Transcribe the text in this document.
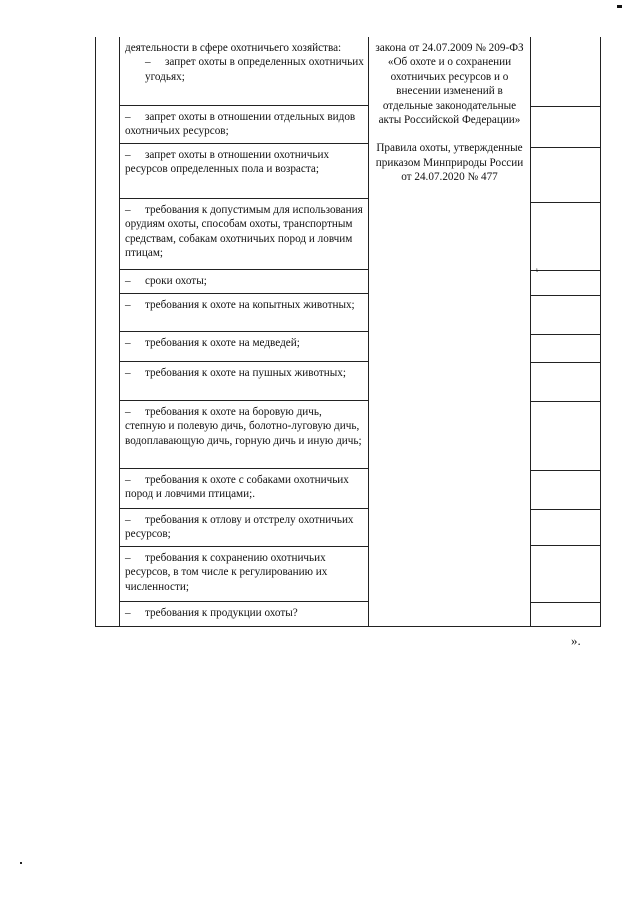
деятельности в сфере охотничьего хозяйства:

– запрет охоты в определенных охотничьих угодьях;

– запрет охоты в отношении отдельных видов охотничьих ресурсов;

– запрет охоты в отношении охотничьих ресурсов определенных пола и возраста;

– требования к допустимым для использования орудиям охоты, способам охоты, транспортным средствам, собакам охотничьих пород и ловчим птицам;

– сроки охоты;

– требования к охоте на копытных животных;

– требования к охоте на медведей;

– требования к охоте на пушных животных;

– требования к охоте на боровую дичь, степную и полевую дичь, болотно-луговую дичь, водоплавающую дичь, горную дичь и иную дичь;

– требования к охоте с собаками охотничьих пород и ловчими птицами;.

– требования к отлову и отстрелу охотничьих ресурсов;

– требования к сохранению охотничьих ресурсов, в том числе к регулированию их численности;

– требования к продукции охоты?

закона от 24.07.2009 № 209-ФЗ «Об охоте и о сохранении охотничьих ресурсов и о внесении изменений в отдельные законодательные акты Российской Федерации»

Правила охоты, утвержденные приказом Минприроды России от 24.07.2020 № 477

ι
».
